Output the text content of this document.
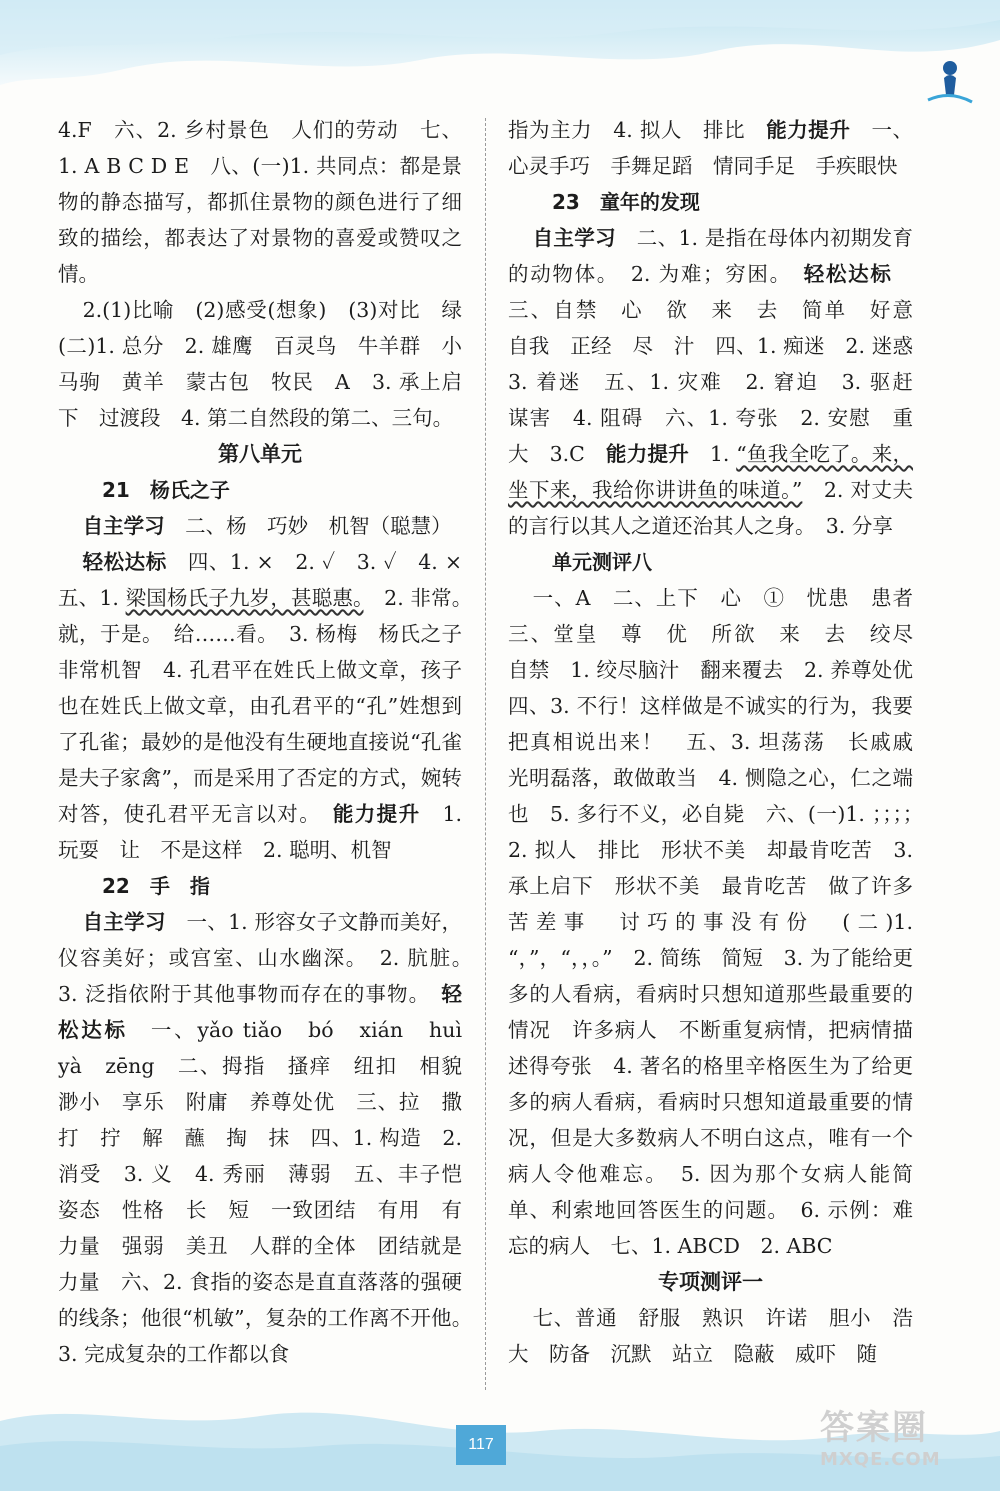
4.F　六、2. 乡村景色　人们的劳动　七、1. A B C D E　八、(一)1. 共同点：都是景物的静态描写，都抓住景物的颜色进行了细致的描绘，都表达了对景物的喜爱或赞叹之情。

2.(1)比喻　(2)感受(想象)　(3)对比　绿　(二)1. 总分　2. 雄鹰　百灵鸟　牛羊群　小马驹　黄羊　蒙古包　牧民　A　3. 承上启下　过渡段　4. 第二自然段的第二、三句。

第八单元

21　杨氏之子

自主学习　二、杨　巧妙　机智（聪慧）

轻松达标　四、1. ×　2. ✓　3. ✓　4. ×　五、1. 梁国杨氏子九岁，甚聪惠。　2. 非常。　就，于是。　给……看。　3. 杨梅　杨氏之子非常机智　4. 孔君平在姓氏上做文章，孩子也在姓氏上做文章，由孔君平的“孔”姓想到了孔雀；最妙的是他没有生硬地直接说“孔雀是夫子家禽”，而是采用了否定的方式，婉转对答，使孔君平无言以对。　能力提升　1. 玩耍　让　不是这样　2. 聪明、机智

22　手　指

自主学习　一、1. 形容女子文静而美好，仪容美好；或宫室、山水幽深。　2. 肮脏。　3. 泛指依附于其他事物而存在的事物。　轻松达标　一、yǎo tiǎo　bó　xián　huì　yà　zēng　二、拇指　搔痒　纽扣　相貌　渺小　享乐　附庸　养尊处优　三、拉　撒　打　拧　解　蘸　掏　抹　四、1. 构造　2. 消受　3. 义　4. 秀丽　薄弱　五、丰子恺　姿态　性格　长　短　一致团结　有用　有力量　强弱　美丑　人群的全体　团结就是力量　六、2. 食指的姿态是直直落落的强硬的线条；他很“机敏”，复杂的工作离不开他。　3. 完成复杂的工作都以食

指为主力　4. 拟人　排比　能力提升　一、心灵手巧　手舞足蹈　情同手足　手疾眼快

23　童年的发现

自主学习　二、1. 是指在母体内初期发育的动物体。　2. 为难；穷困。　轻松达标　三、自禁　心　欲　来　去　简单　好意　自我　正经　尽　汁　四、1. 痴迷　2. 迷惑　3. 着迷　五、1. 灾难　2. 窘迫　3. 驱赶　谋害　4. 阻碍　六、1. 夸张　2. 安慰　重大　3.C　能力提升　1. “鱼我全吃了。来，坐下来，我给你讲讲鱼的味道。”　2. 对丈夫的言行以其人之道还治其人之身。　3. 分享

单元测评八

一、A　二、上下　心　①　忧患　患者　三、堂皇　尊　优　所欲　来　去　绞尽　自禁　1. 绞尽脑汁　翻来覆去　2. 养尊处优　四、3. 不行！这样做是不诚实的行为，我要把真相说出来！　五、3. 坦荡荡　长戚戚　光明磊落，敢做敢当　4. 恻隐之心，仁之端也　5. 多行不义，必自毙　六、(一)1. ；；；；　2. 拟人　排比　形状不美　却最肯吃苦　3. 承上启下　形状不美　最肯吃苦　做了许多苦差事　讨巧的事没有份　(二)1. “，”，“，，。”　2. 简练　简短　3. 为了能给更多的人看病，看病时只想知道那些最重要的情况　许多病人　不断重复病情，把病情描述得夸张　4. 著名的格里辛格医生为了给更多的病人看病，看病时只想知道最重要的情况，但是大多数病人不明白这点，唯有一个病人令他难忘。　5. 因为那个女病人能简单、利索地回答医生的问题。　6. 示例：难忘的病人　七、1. ABCD　2. ABC

专项测评一

七、普通　舒服　熟识　许诺　胆小　浩大　防备　沉默　站立　隐蔽　威吓　随

117	答案圈
MXQE.COM
